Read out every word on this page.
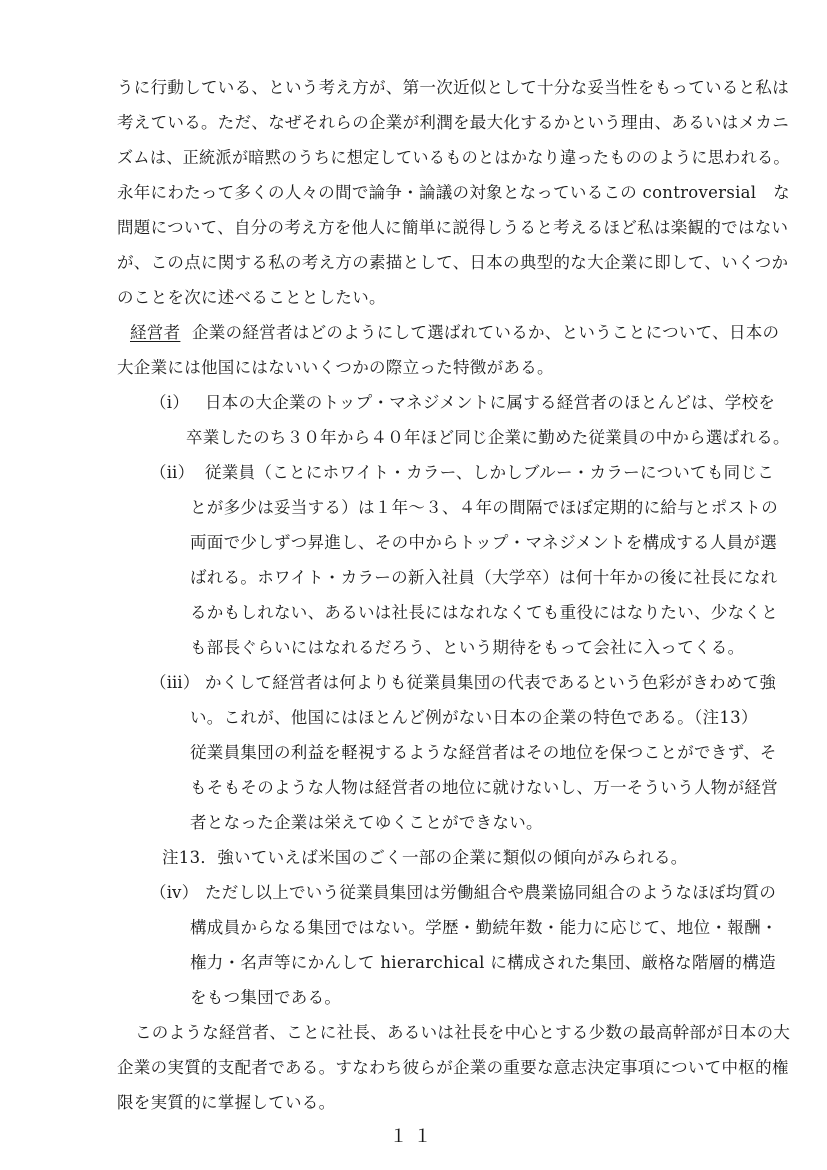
うに行動している、という考え方が、第一次近似として十分な妥当性をもっていると私は
考えている。ただ、なぜそれらの企業が利潤を最大化するかという理由、あるいはメカニ
ズムは、正統派が暗黙のうちに想定しているものとはかなり違ったもののように思われる。
永年にわたって多くの人々の間で論争・論議の対象となっているこの controversial　な
問題について、自分の考え方を他人に簡単に説得しうると考えるほど私は楽観的ではない
が、この点に関する私の考え方の素描として、日本の典型的な大企業に即して、いくつか
のことを次に述べることとしたい。
経営者 企業の経営者はどのようにして選ばれているか、ということについて、日本の
大企業には他国にはないいくつかの際立った特徴がある。
（ⅰ） 日本の大企業のトップ・マネジメントに属する経営者のほとんどは、学校を
卒業したのち３０年から４０年ほど同じ企業に勤めた従業員の中から選ばれる。
（ⅱ） 従業員（ことにホワイト・カラー、しかしブルー・カラーについても同じこ
とが多少は妥当する）は１年～３、４年の間隔でほぼ定期的に給与とポストの
両面で少しずつ昇進し、その中からトップ・マネジメントを構成する人員が選
ばれる。ホワイト・カラーの新入社員（大学卒）は何十年かの後に社長になれ
るかもしれない、あるいは社長にはなれなくても重役にはなりたい、少なくと
も部長ぐらいにはなれるだろう、という期待をもって会社に入ってくる。
（ⅲ） かくして経営者は何よりも従業員集団の代表であるという色彩がきわめて強
い。これが、他国にはほとんど例がない日本の企業の特色である。（注13）
従業員集団の利益を軽視するような経営者はその地位を保つことができず、そ
もそもそのような人物は経営者の地位に就けないし、万一そういう人物が経営
者となった企業は栄えてゆくことができない。
注13．強いていえば米国のごく一部の企業に類似の傾向がみられる。
（ⅳ） ただし以上でいう従業員集団は労働組合や農業協同組合のようなほぼ均質の
構成員からなる集団ではない。学歴・勤続年数・能力に応じて、地位・報酬・
権力・名声等にかんして hierarchical に構成された集団、厳格な階層的構造
をもつ集団である。
このような経営者、ことに社長、あるいは社長を中心とする少数の最高幹部が日本の大
企業の実質的支配者である。すなわち彼らが企業の重要な意志決定事項について中枢的権
限を実質的に掌握している。
１１
